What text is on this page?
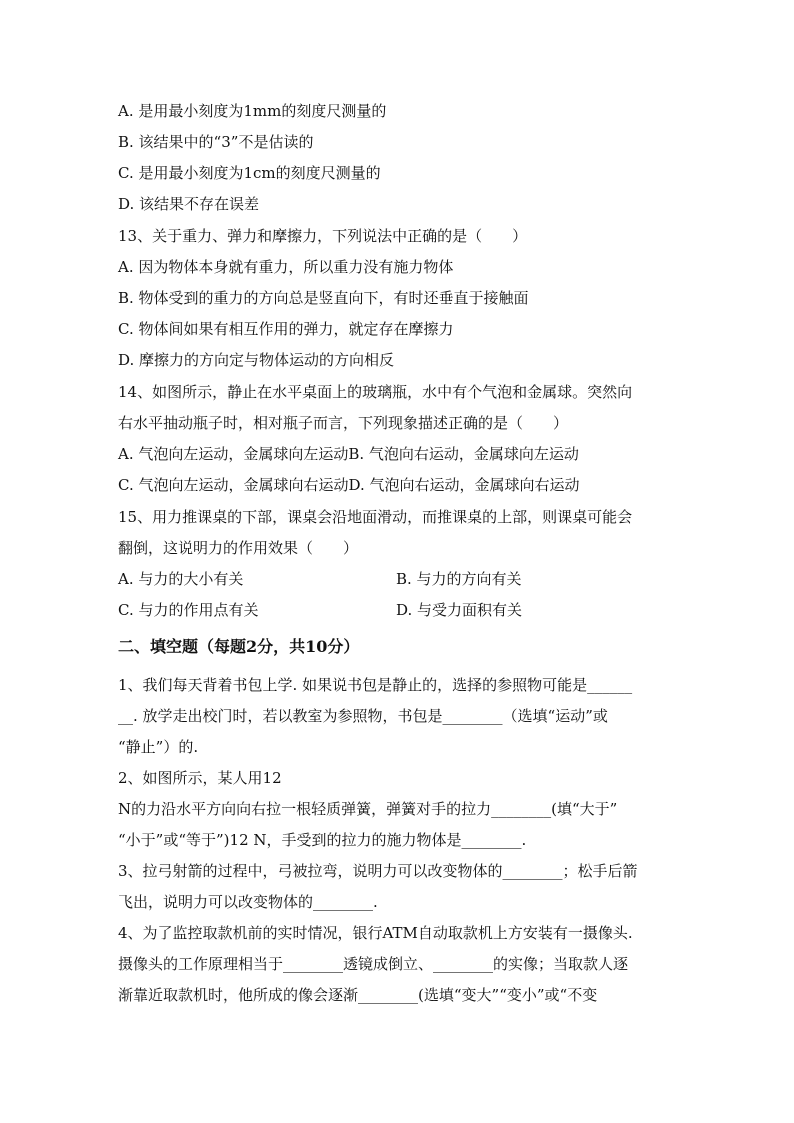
A. 是用最小刻度为1mm的刻度尺测量的
B. 该结果中的“3”不是估读的
C. 是用最小刻度为1cm的刻度尺测量的
D. 该结果不存在误差
13、关于重力、弹力和摩擦力，下列说法中正确的是（　　）
A. 因为物体本身就有重力，所以重力没有施力物体
B. 物体受到的重力的方向总是竖直向下，有时还垂直于接触面
C. 物体间如果有相互作用的弹力，就定存在摩擦力
D. 摩擦力的方向定与物体运动的方向相反
14、如图所示，静止在水平桌面上的玻璃瓶，水中有个气泡和金属球。突然向
右水平抽动瓶子时，相对瓶子而言，下列现象描述正确的是（　　）
A. 气泡向左运动，金属球向左运动B. 气泡向右运动，金属球向左运动
C. 气泡向左运动，金属球向右运动D. 气泡向右运动，金属球向右运动
15、用力推课桌的下部，课桌会沿地面滑动，而推课桌的上部，则课桌可能会
翻倒，这说明力的作用效果（　　）
A. 与力的大小有关	B. 与力的方向有关
C. 与力的作用点有关	D. 与受力面积有关
二、填空题（每题2分，共10分）
1、我们每天背着书包上学. 如果说书包是静止的，选择的参照物可能是______
__. 放学走出校门时，若以教室为参照物，书包是________（选填“运动”或
“静止”）的.
2、如图所示，某人用12
N的力沿水平方向向右拉一根轻质弹簧，弹簧对手的拉力________(填“大于”
“小于”或“等于”)12 N，手受到的拉力的施力物体是________.
3、拉弓射箭的过程中，弓被拉弯，说明力可以改变物体的________；松手后箭
飞出，说明力可以改变物体的________.
4、为了监控取款机前的实时情况，银行ATM自动取款机上方安装有一摄像头.
摄像头的工作原理相当于________透镜成倒立、________的实像；当取款人逐
渐靠近取款机时，他所成的像会逐渐________(选填“变大”“变小”或“不变
